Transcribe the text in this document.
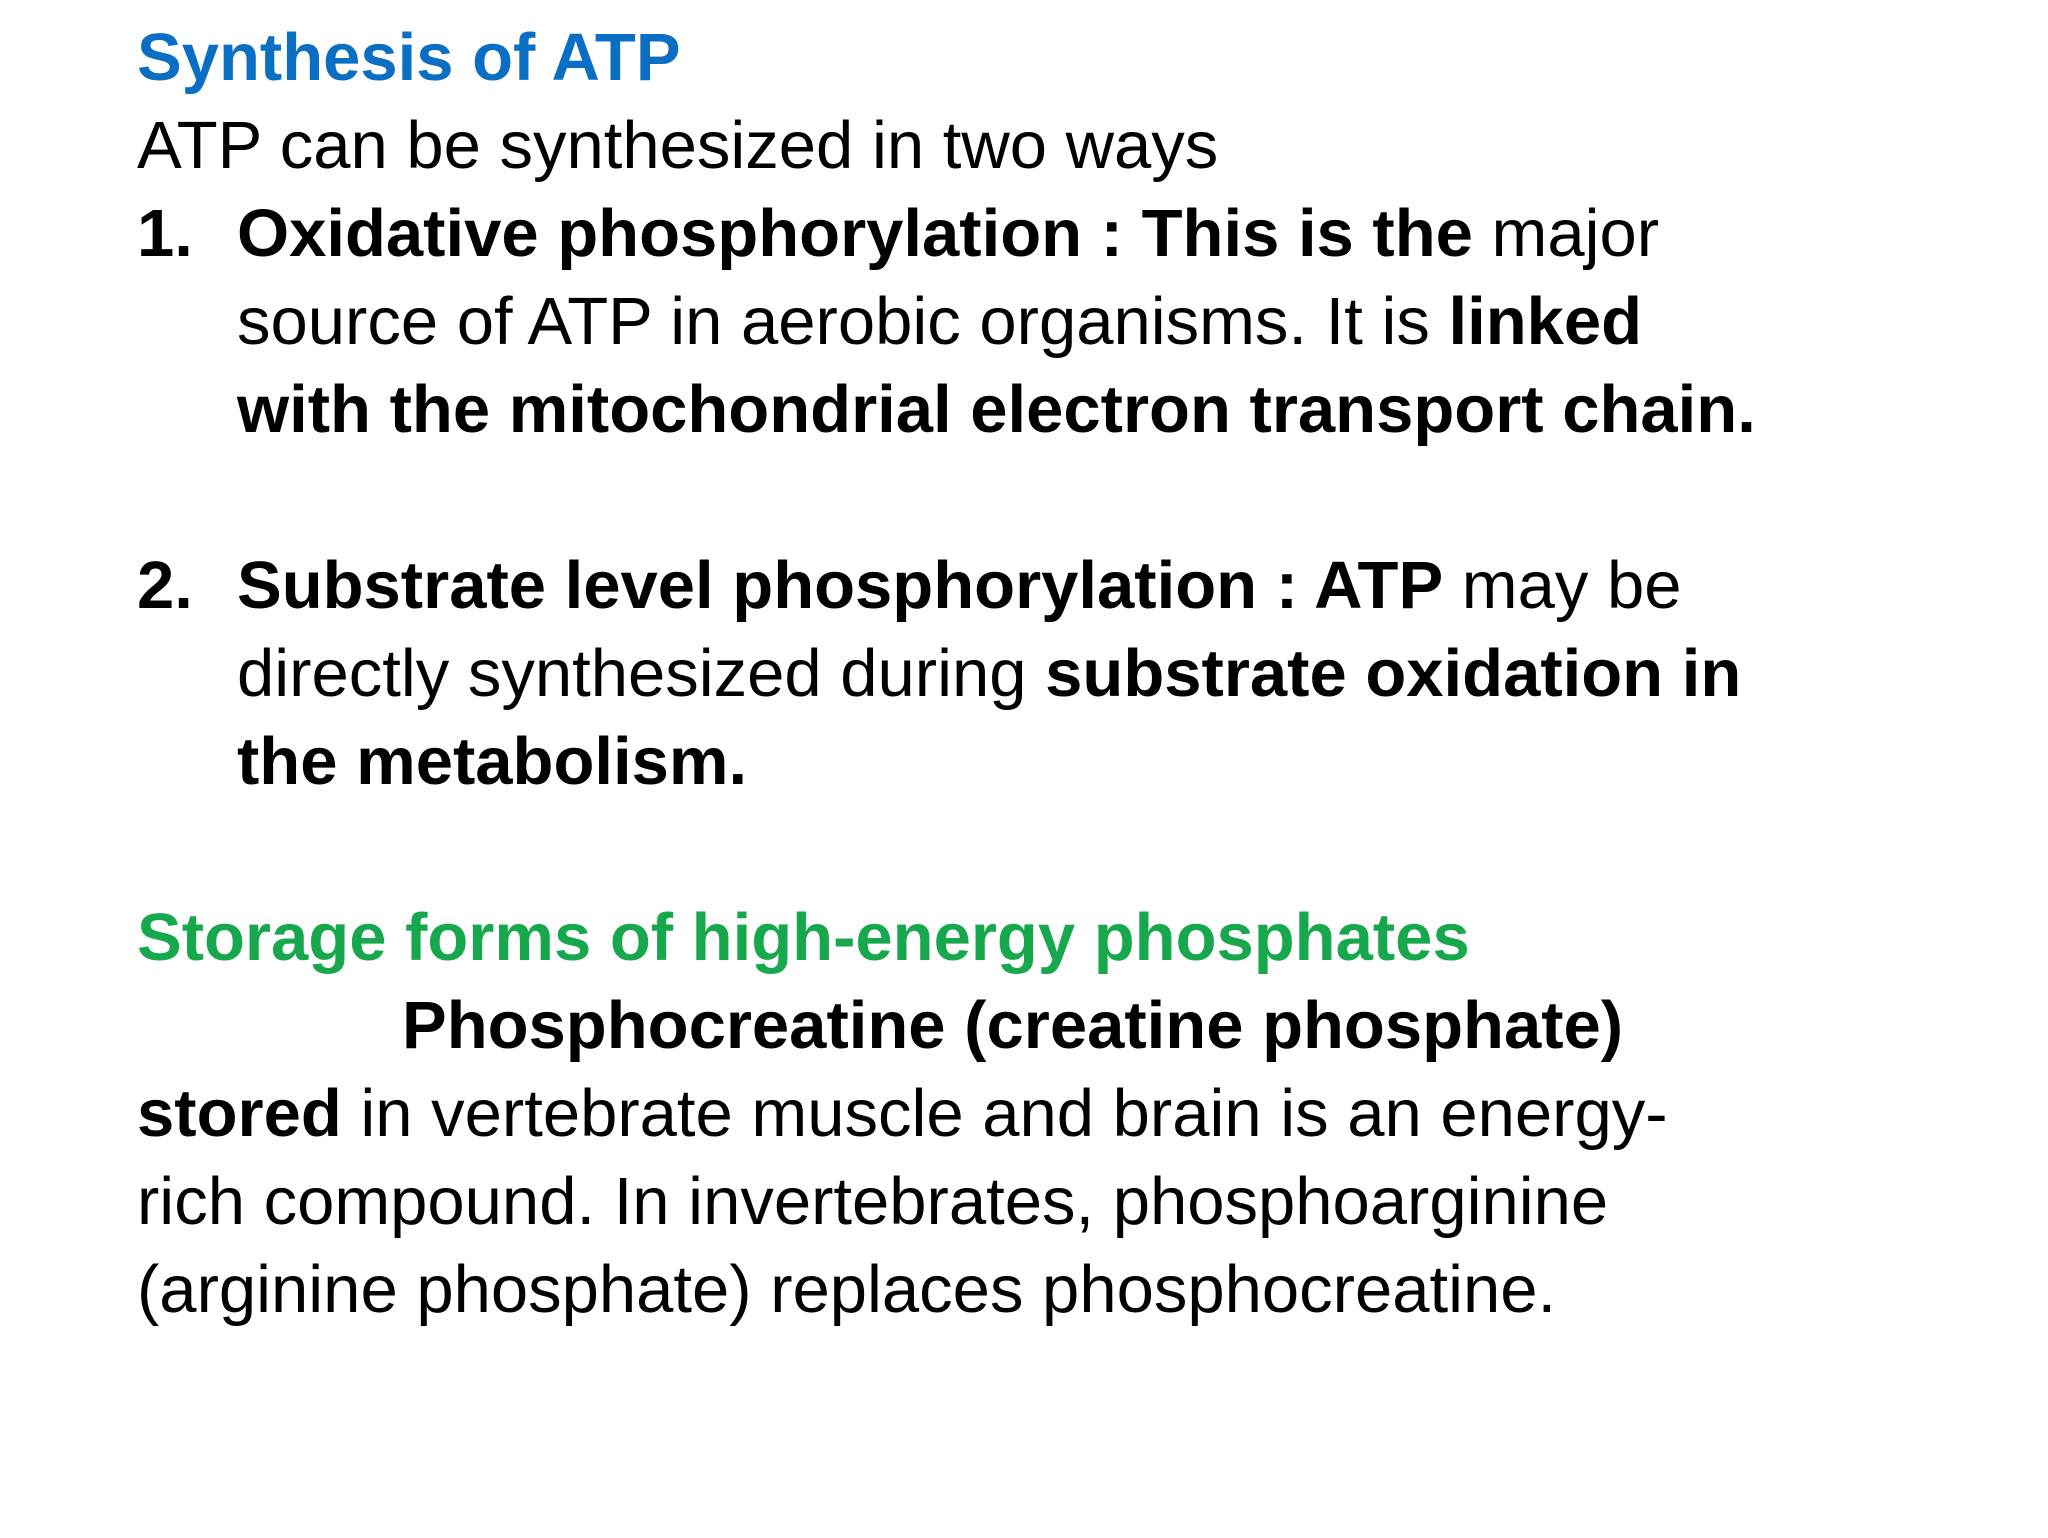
Synthesis of ATP

ATP can be synthesized in two ways

1. Oxidative phosphorylation : This is the major
source of ATP in aerobic organisms. It is linked
with the mitochondrial electron transport chain.
2. Substrate level phosphorylation : ATP may be
directly synthesized during substrate oxidation in
the metabolism.

Storage forms of high-energy phosphates

Phosphocreatine (creatine phosphate)

stored in vertebrate muscle and brain is an energy-

rich compound. In invertebrates, phosphoarginine

(arginine phosphate) replaces phosphocreatine.
